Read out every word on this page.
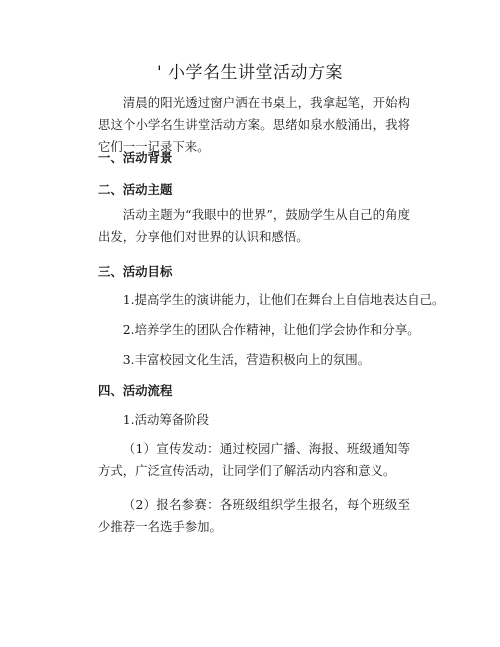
' 小学名生讲堂活动方案

清晨的阳光透过窗户洒在书桌上，我拿起笔，开始构思这个小学名生讲堂活动方案。思绪如泉水般涌出，我将它们一一记录下来。

一、活动背景
二、活动主题

活动主题为“我眼中的世界”，鼓励学生从自己的角度出发，分享他们对世界的认识和感悟。

三、活动目标

1.提高学生的演讲能力，让他们在舞台上自信地表达自己。

2.培养学生的团队合作精神，让他们学会协作和分享。

3.丰富校园文化生活，营造积极向上的氛围。

四、活动流程

1.活动筹备阶段

（1）宣传发动：通过校园广播、海报、班级通知等方式，广泛宣传活动，让同学们了解活动内容和意义。

（2）报名参赛：各班级组织学生报名，每个班级至少推荐一名选手参加。
